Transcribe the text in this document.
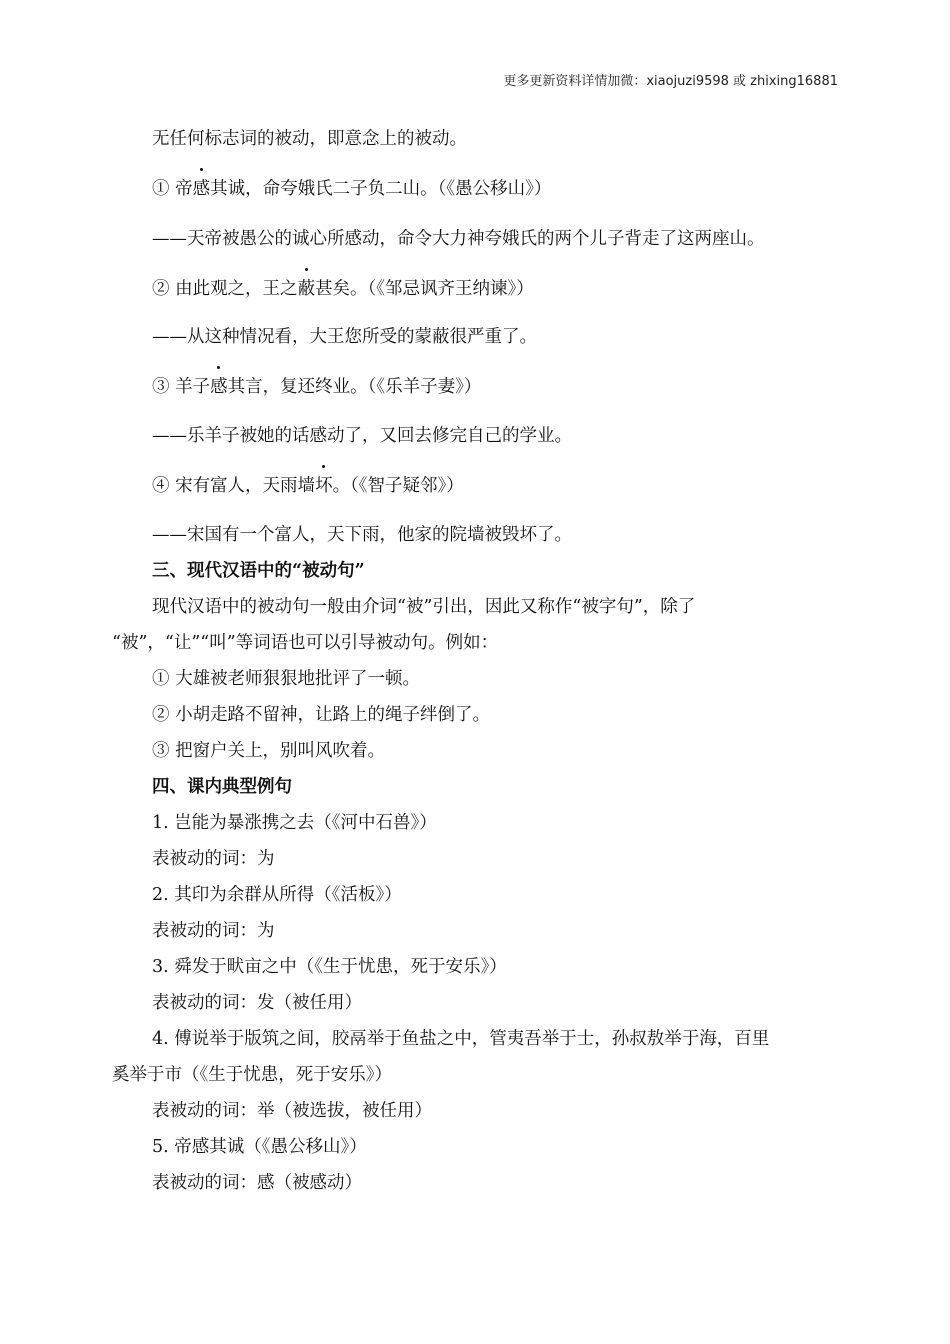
更多更新资料详情加微：xiaojuzi9598 或 zhixing16881
无任何标志词的被动，即意念上的被动。
① 帝感其诚，命夸娥氏二子负二山。（《愚公移山》）
——天帝被愚公的诚心所感动，命令大力神夸娥氏的两个儿子背走了这两座山。
② 由此观之，王之蔽甚矣。（《邹忌讽齐王纳谏》）
——从这种情况看，大王您所受的蒙蔽很严重了。
③ 羊子感其言，复还终业。（《乐羊子妻》）
——乐羊子被她的话感动了，又回去修完自己的学业。
④ 宋有富人，天雨墙坏。（《智子疑邻》）
——宋国有一个富人，天下雨，他家的院墙被毁坏了。
三、现代汉语中的“被动句”
现代汉语中的被动句一般由介词“被”引出，因此又称作“被字句”，除了
“被”，“让”“叫”等词语也可以引导被动句。例如：
① 大雄被老师狠狠地批评了一顿。
② 小胡走路不留神，让路上的绳子绊倒了。
③ 把窗户关上，别叫风吹着。
四、课内典型例句
1. 岂能为暴涨携之去（《河中石兽》）
表被动的词：为
2. 其印为余群从所得（《活板》）
表被动的词：为
3. 舜发于畎亩之中（《生于忧患，死于安乐》）
表被动的词：发（被任用）
4. 傅说举于版筑之间，胶鬲举于鱼盐之中，管夷吾举于士，孙叔敖举于海，百里
奚举于市（《生于忧患，死于安乐》）
表被动的词：举（被选拔，被任用）
5. 帝感其诚（《愚公移山》）
表被动的词：感（被感动）
